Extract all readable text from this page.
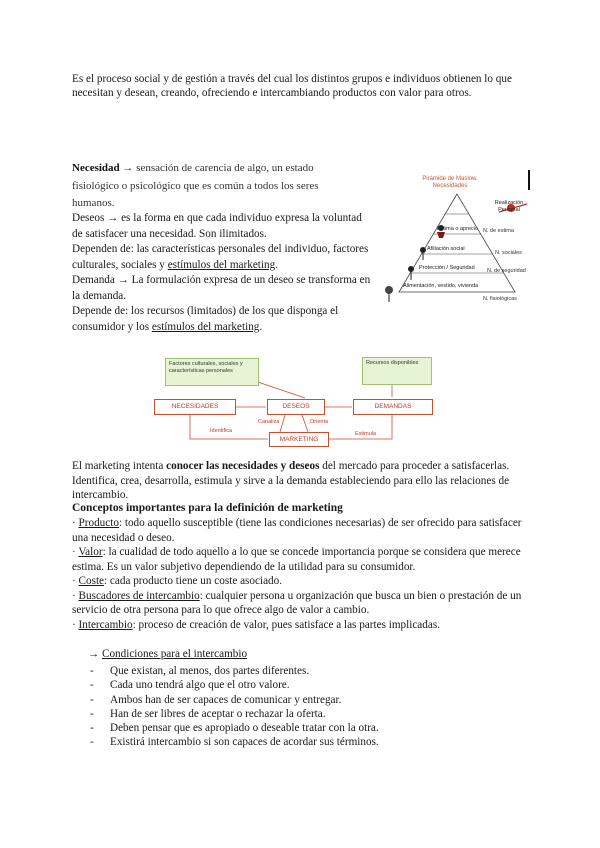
Es el proceso social y de gestión a través del cual los distintos grupos e individuos obtienen lo que necesitan y desean, creando, ofreciendo e intercambiando productos con valor para otros.

Necesidad → sensación de carencia de algo, un estado fisiológico o psicológico que es común a todos los seres humanos.

Deseos → es la forma en que cada individuo expresa la voluntad de satisfacer una necesidad. Son ilimitados.
Dependen de: las características personales del individuo, factores culturales, sociales y estímulos del marketing.
Demanda → La formulación expresa de un deseo se transforma en la demanda.
Depende de: los recursos (limitados) de los que disponga el consumidor y los estímulos del marketing.
Pirámide de Maslow. Necesidades
Realización Personal
Estima o aprecio
Afiliación social
Protección / Seguridad
Alimentación, vestido, vivienda
N. de estima
N. sociales
N. de seguridad
N. fisiológicas
Factores culturales, sociales y características personales
Recursos disponibles
NECESIDADES	DESEOS	DEMANDAS
MARKETING
Identifica
Canaliza	Orienta
Estimula

El marketing intenta conocer las necesidades y deseos del mercado para proceder a satisfacerlas. Identifica, crea, desarrolla, estimula y sirve a la demanda estableciendo para ello las relaciones de intercambio.

Conceptos importantes para la definición de marketing
· Producto: todo aquello susceptible (tiene las condiciones necesarias) de ser ofrecido para satisfacer una necesidad o deseo.
· Valor: la cualidad de todo aquello a lo que se concede importancia porque se considera que merece estima. Es un valor subjetivo dependiendo de la utilidad para su consumidor.
· Coste: cada producto tiene un coste asociado.
· Buscadores de intercambio: cualquier persona u organización que busca un bien o prestación de un servicio de otra persona para lo que ofrece algo de valor a cambio.
· Intercambio: proceso de creación de valor, pues satisface a las partes implicadas.
→ Condiciones para el intercambio
- Que existan, al menos, dos partes diferentes.
- Cada uno tendrá algo que el otro valore.
- Ambos han de ser capaces de comunicar y entregar.
- Han de ser libres de aceptar o rechazar la oferta.
- Deben pensar que es apropiado o deseable tratar con la otra.
- Existirá intercambio si son capaces de acordar sus términos.
